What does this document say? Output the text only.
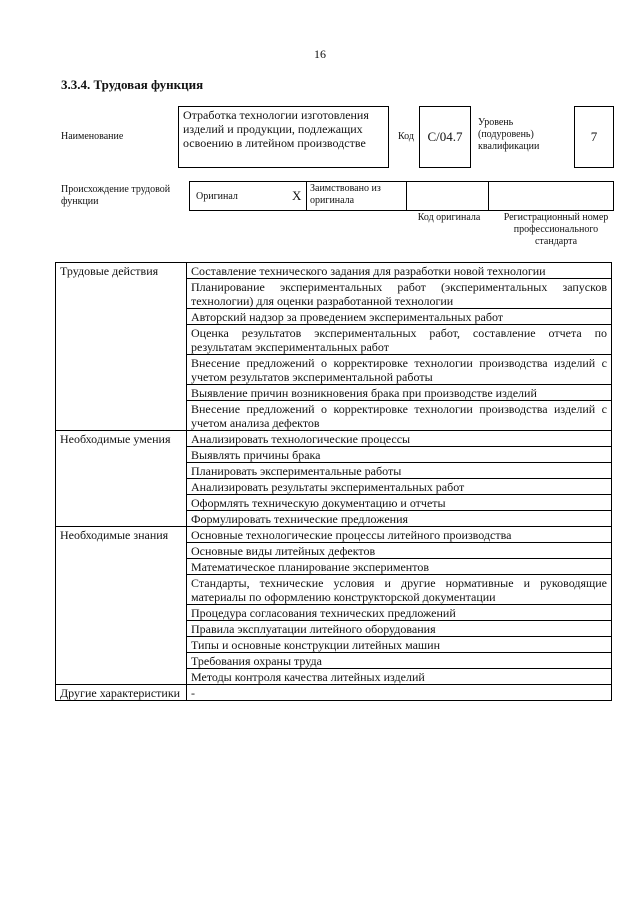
16
3.3.4. Трудовая функция
Наименование
Отработка технологии изготовления изделий и продукции, подлежащих освоению в литейном производстве	Код	С/04.7
Уровень (подуровень) квалификации
7
Происхождение трудовой функции	Оригинал	X Заимствовано из оригинала
Код оригинала	Регистрационный номер профессионального стандарта
Трудовые действия	Составление технического задания для разработки новой технологии
	Планирование экспериментальных работ (экспериментальных запусков технологии) для оценки разработанной технологии
	Авторский надзор за проведением экспериментальных работ
	Оценка результатов экспериментальных работ, составление отчета по результатам экспериментальных работ
	Внесение предложений о корректировке технологии производства изделий с учетом результатов экспериментальной работы
	Выявление причин возникновения брака при производстве изделий
	Внесение предложений о корректировке технологии производства изделий с учетом анализа дефектов
Необходимые умения	Анализировать технологические процессы
	Выявлять причины брака
	Планировать экспериментальные работы
	Анализировать результаты экспериментальных работ
	Оформлять техническую документацию и отчеты
	Формулировать технические предложения
Необходимые знания	Основные технологические процессы литейного производства
	Основные виды литейных дефектов
	Математическое планирование экспериментов
	Стандарты, технические условия и другие нормативные и руководящие материалы по оформлению конструкторской документации
	Процедура согласования технических предложений
	Правила эксплуатации литейного оборудования
	Типы и основные конструкции литейных машин
	Требования охраны труда
	Методы контроля качества литейных изделий
Другие характеристики	-
